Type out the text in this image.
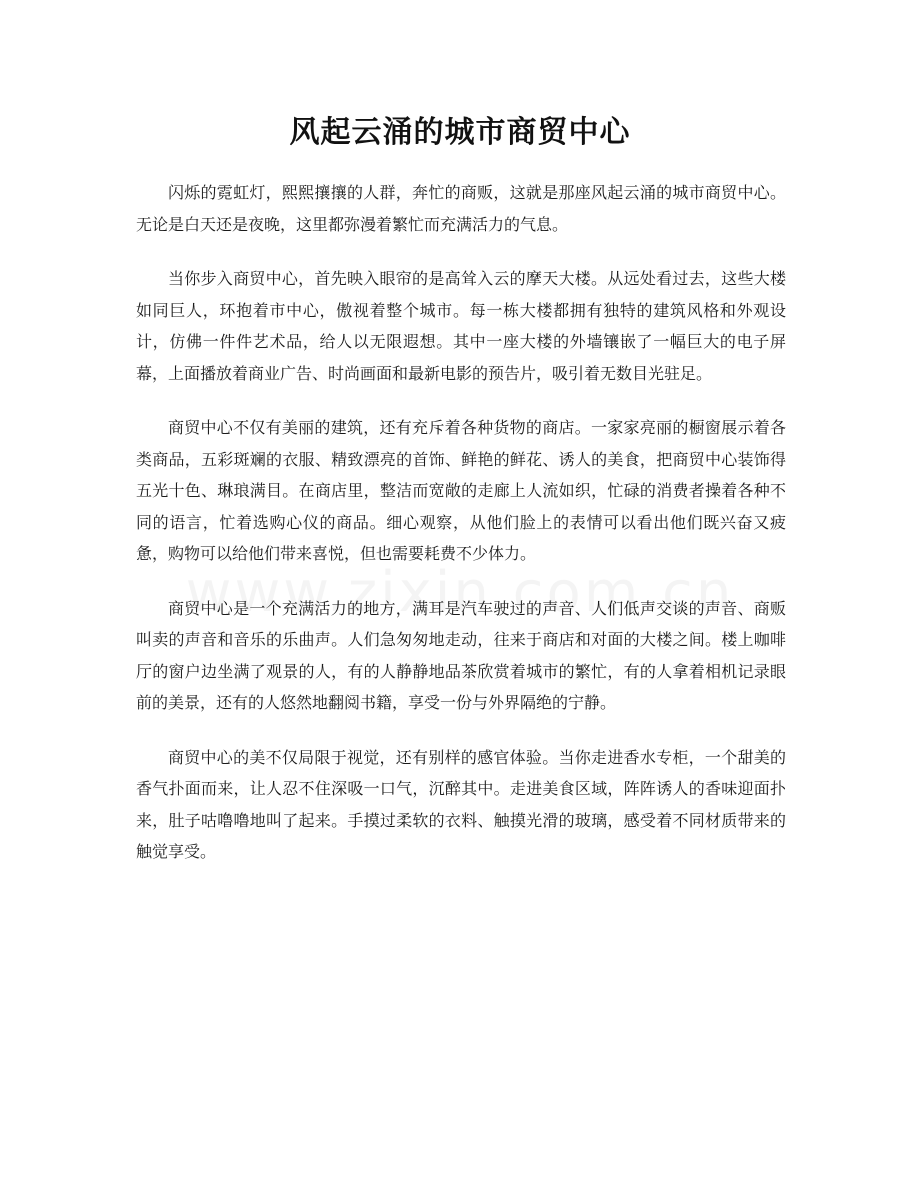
风起云涌的城市商贸中心

闪烁的霓虹灯，熙熙攘攘的人群，奔忙的商贩，这就是那座风起云涌的城市商贸中心。无论是白天还是夜晚，这里都弥漫着繁忙而充满活力的气息。

当你步入商贸中心，首先映入眼帘的是高耸入云的摩天大楼。从远处看过去，这些大楼如同巨人，环抱着市中心，傲视着整个城市。每一栋大楼都拥有独特的建筑风格和外观设计，仿佛一件件艺术品，给人以无限遐想。其中一座大楼的外墙镶嵌了一幅巨大的电子屏幕，上面播放着商业广告、时尚画面和最新电影的预告片，吸引着无数目光驻足。

商贸中心不仅有美丽的建筑，还有充斥着各种货物的商店。一家家亮丽的橱窗展示着各类商品，五彩斑斓的衣服、精致漂亮的首饰、鲜艳的鲜花、诱人的美食，把商贸中心装饰得五光十色、琳琅满目。在商店里，整洁而宽敞的走廊上人流如织，忙碌的消费者操着各种不同的语言，忙着选购心仪的商品。细心观察，从他们脸上的表情可以看出他们既兴奋又疲惫，购物可以给他们带来喜悦，但也需要耗费不少体力。

商贸中心是一个充满活力的地方，满耳是汽车驶过的声音、人们低声交谈的声音、商贩叫卖的声音和音乐的乐曲声。人们急匆匆地走动，往来于商店和对面的大楼之间。楼上咖啡厅的窗户边坐满了观景的人，有的人静静地品茶欣赏着城市的繁忙，有的人拿着相机记录眼前的美景，还有的人悠然地翻阅书籍，享受一份与外界隔绝的宁静。

商贸中心的美不仅局限于视觉，还有别样的感官体验。当你走进香水专柜，一个甜美的香气扑面而来，让人忍不住深吸一口气，沉醉其中。走进美食区域，阵阵诱人的香味迎面扑来，肚子咕噜噜地叫了起来。手摸过柔软的衣料、触摸光滑的玻璃，感受着不同材质带来的触觉享受。
